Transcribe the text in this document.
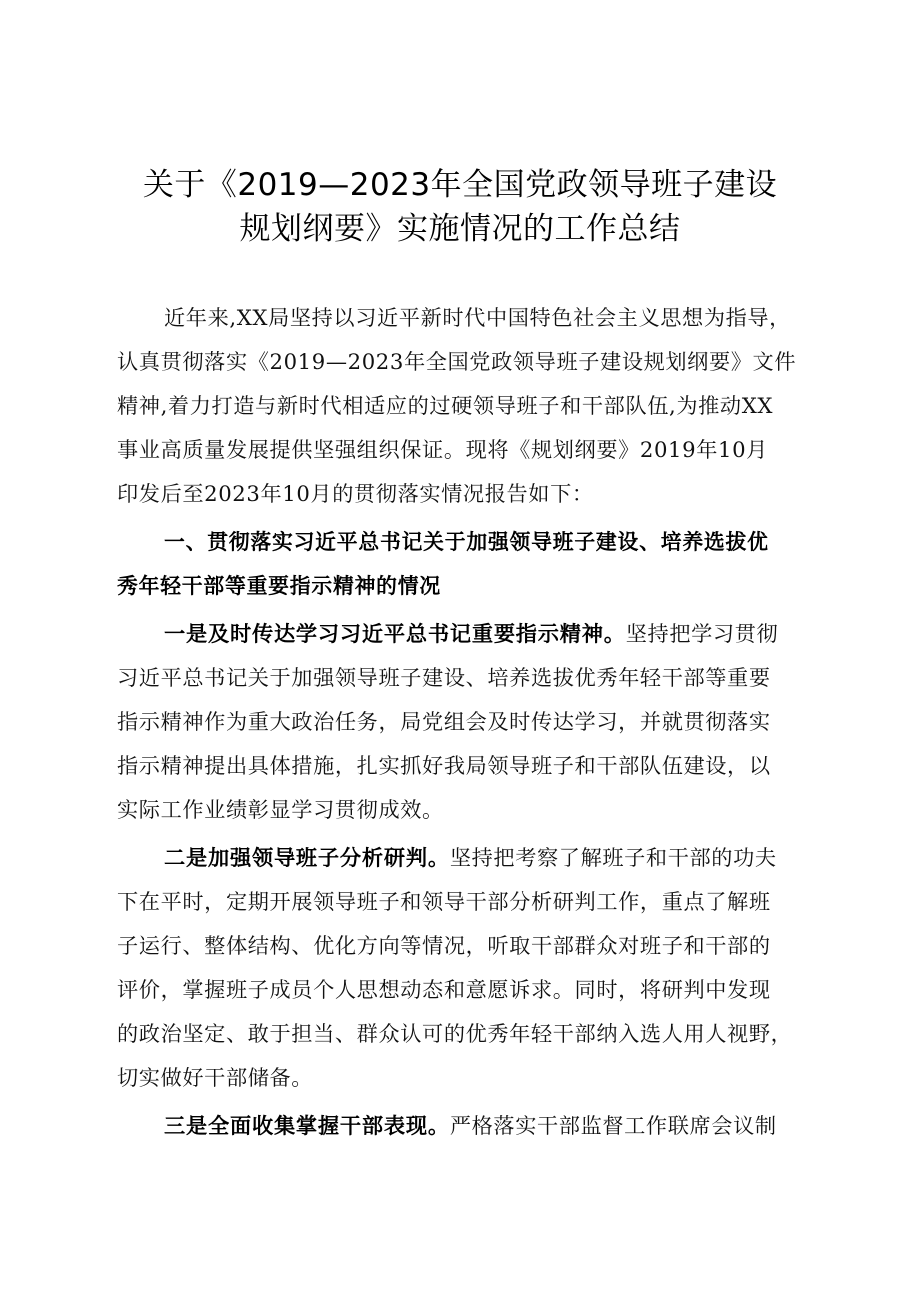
关于《2019—2023年全国党政领导班子建设
规划纲要》实施情况的工作总结
近年来,XX局坚持以习近平新时代中国特色社会主义思想为指导，
认真贯彻落实《2019—2023年全国党政领导班子建设规划纲要》文件
精神,着力打造与新时代相适应的过硬领导班子和干部队伍,为推动XX
事业高质量发展提供坚强组织保证。现将《规划纲要》2019年10月
印发后至2023年10月的贯彻落实情况报告如下：
一、贯彻落实习近平总书记关于加强领导班子建设、培养选拔优
秀年轻干部等重要指示精神的情况
一是及时传达学习习近平总书记重要指示精神。坚持把学习贯彻
习近平总书记关于加强领导班子建设、培养选拔优秀年轻干部等重要
指示精神作为重大政治任务，局党组会及时传达学习，并就贯彻落实
指示精神提出具体措施，扎实抓好我局领导班子和干部队伍建设，以
实际工作业绩彰显学习贯彻成效。
二是加强领导班子分析研判。坚持把考察了解班子和干部的功夫
下在平时，定期开展领导班子和领导干部分析研判工作，重点了解班
子运行、整体结构、优化方向等情况，听取干部群众对班子和干部的
评价，掌握班子成员个人思想动态和意愿诉求。同时，将研判中发现
的政治坚定、敢于担当、群众认可的优秀年轻干部纳入选人用人视野，
切实做好干部储备。
三是全面收集掌握干部表现。严格落实干部监督工作联席会议制
